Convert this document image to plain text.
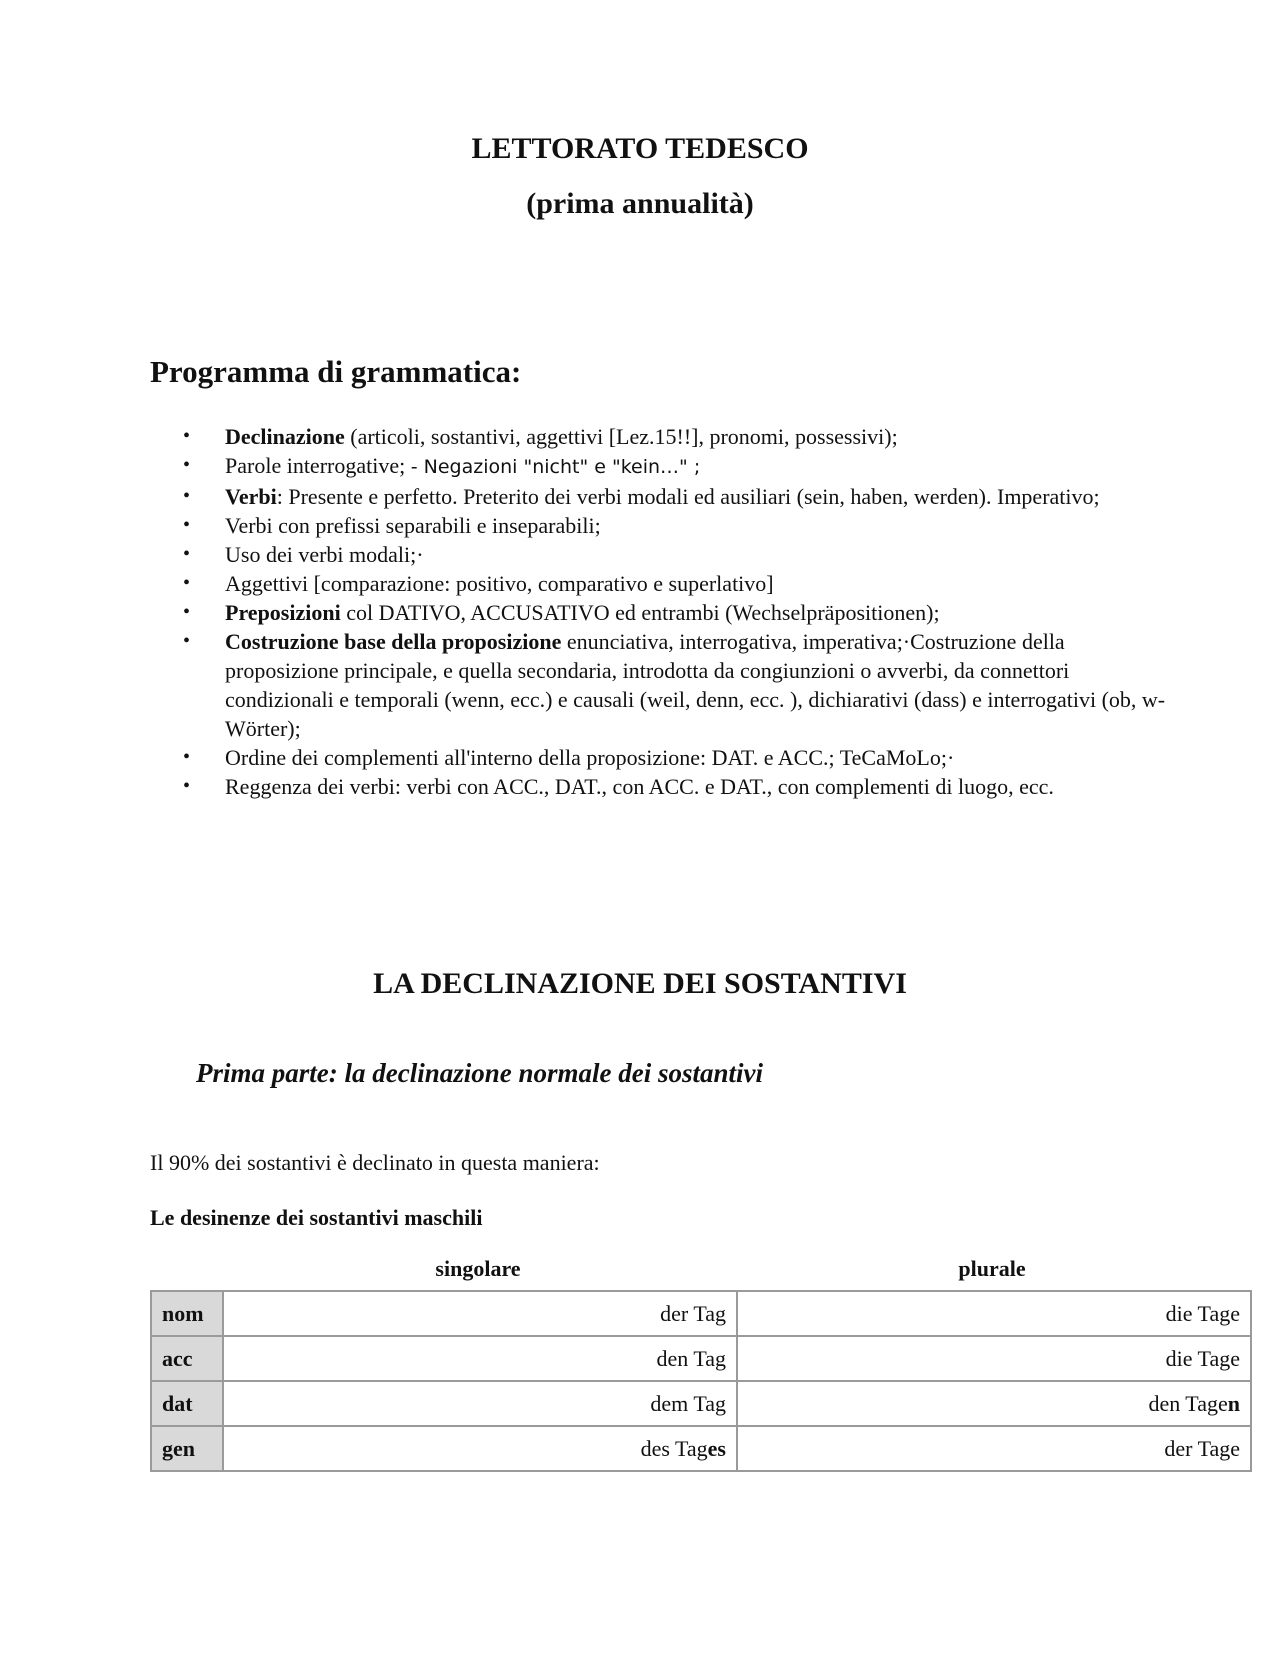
LETTORATO TEDESCO
(prima annualità)
Programma di grammatica:
• Declinazione (articoli, sostantivi, aggettivi [Lez.15!!], pronomi, possessivi);
• Parole interrogative; - Negazioni "nicht" e "kein…" ;
• Verbi: Presente e perfetto. Preterito dei verbi modali ed ausiliari (sein, haben, werden). Imperativo;
• Verbi con prefissi separabili e inseparabili;
• Uso dei verbi modali;·
• Aggettivi [comparazione: positivo, comparativo e superlativo]
• Preposizioni col DATIVO, ACCUSATIVO ed entrambi (Wechselpräpositionen);
• Costruzione base della proposizione enunciativa, interrogativa, imperativa;·Costruzione della proposizione principale, e quella secondaria, introdotta da congiunzioni o avverbi, da connettori condizionali e temporali (wenn, ecc.) e causali (weil, denn, ecc. ), dichiarativi (dass) e interrogativi (ob, w-Wörter);
• Ordine dei complementi all'interno della proposizione: DAT. e ACC.; TeCaMoLo;·
• Reggenza dei verbi: verbi con ACC., DAT., con ACC. e DAT., con complementi di luogo, ecc.
LA DECLINAZIONE DEI SOSTANTIVI
Prima parte: la declinazione normale dei sostantivi

Il 90% dei sostantivi è declinato in questa maniera:

Le desinenze dei sostantivi maschili

singolare	plurale
nom	der Tag	die Tage
acc	den Tag	die Tage
dat	dem Tag	den Tagen
gen	des Tages	der Tage
